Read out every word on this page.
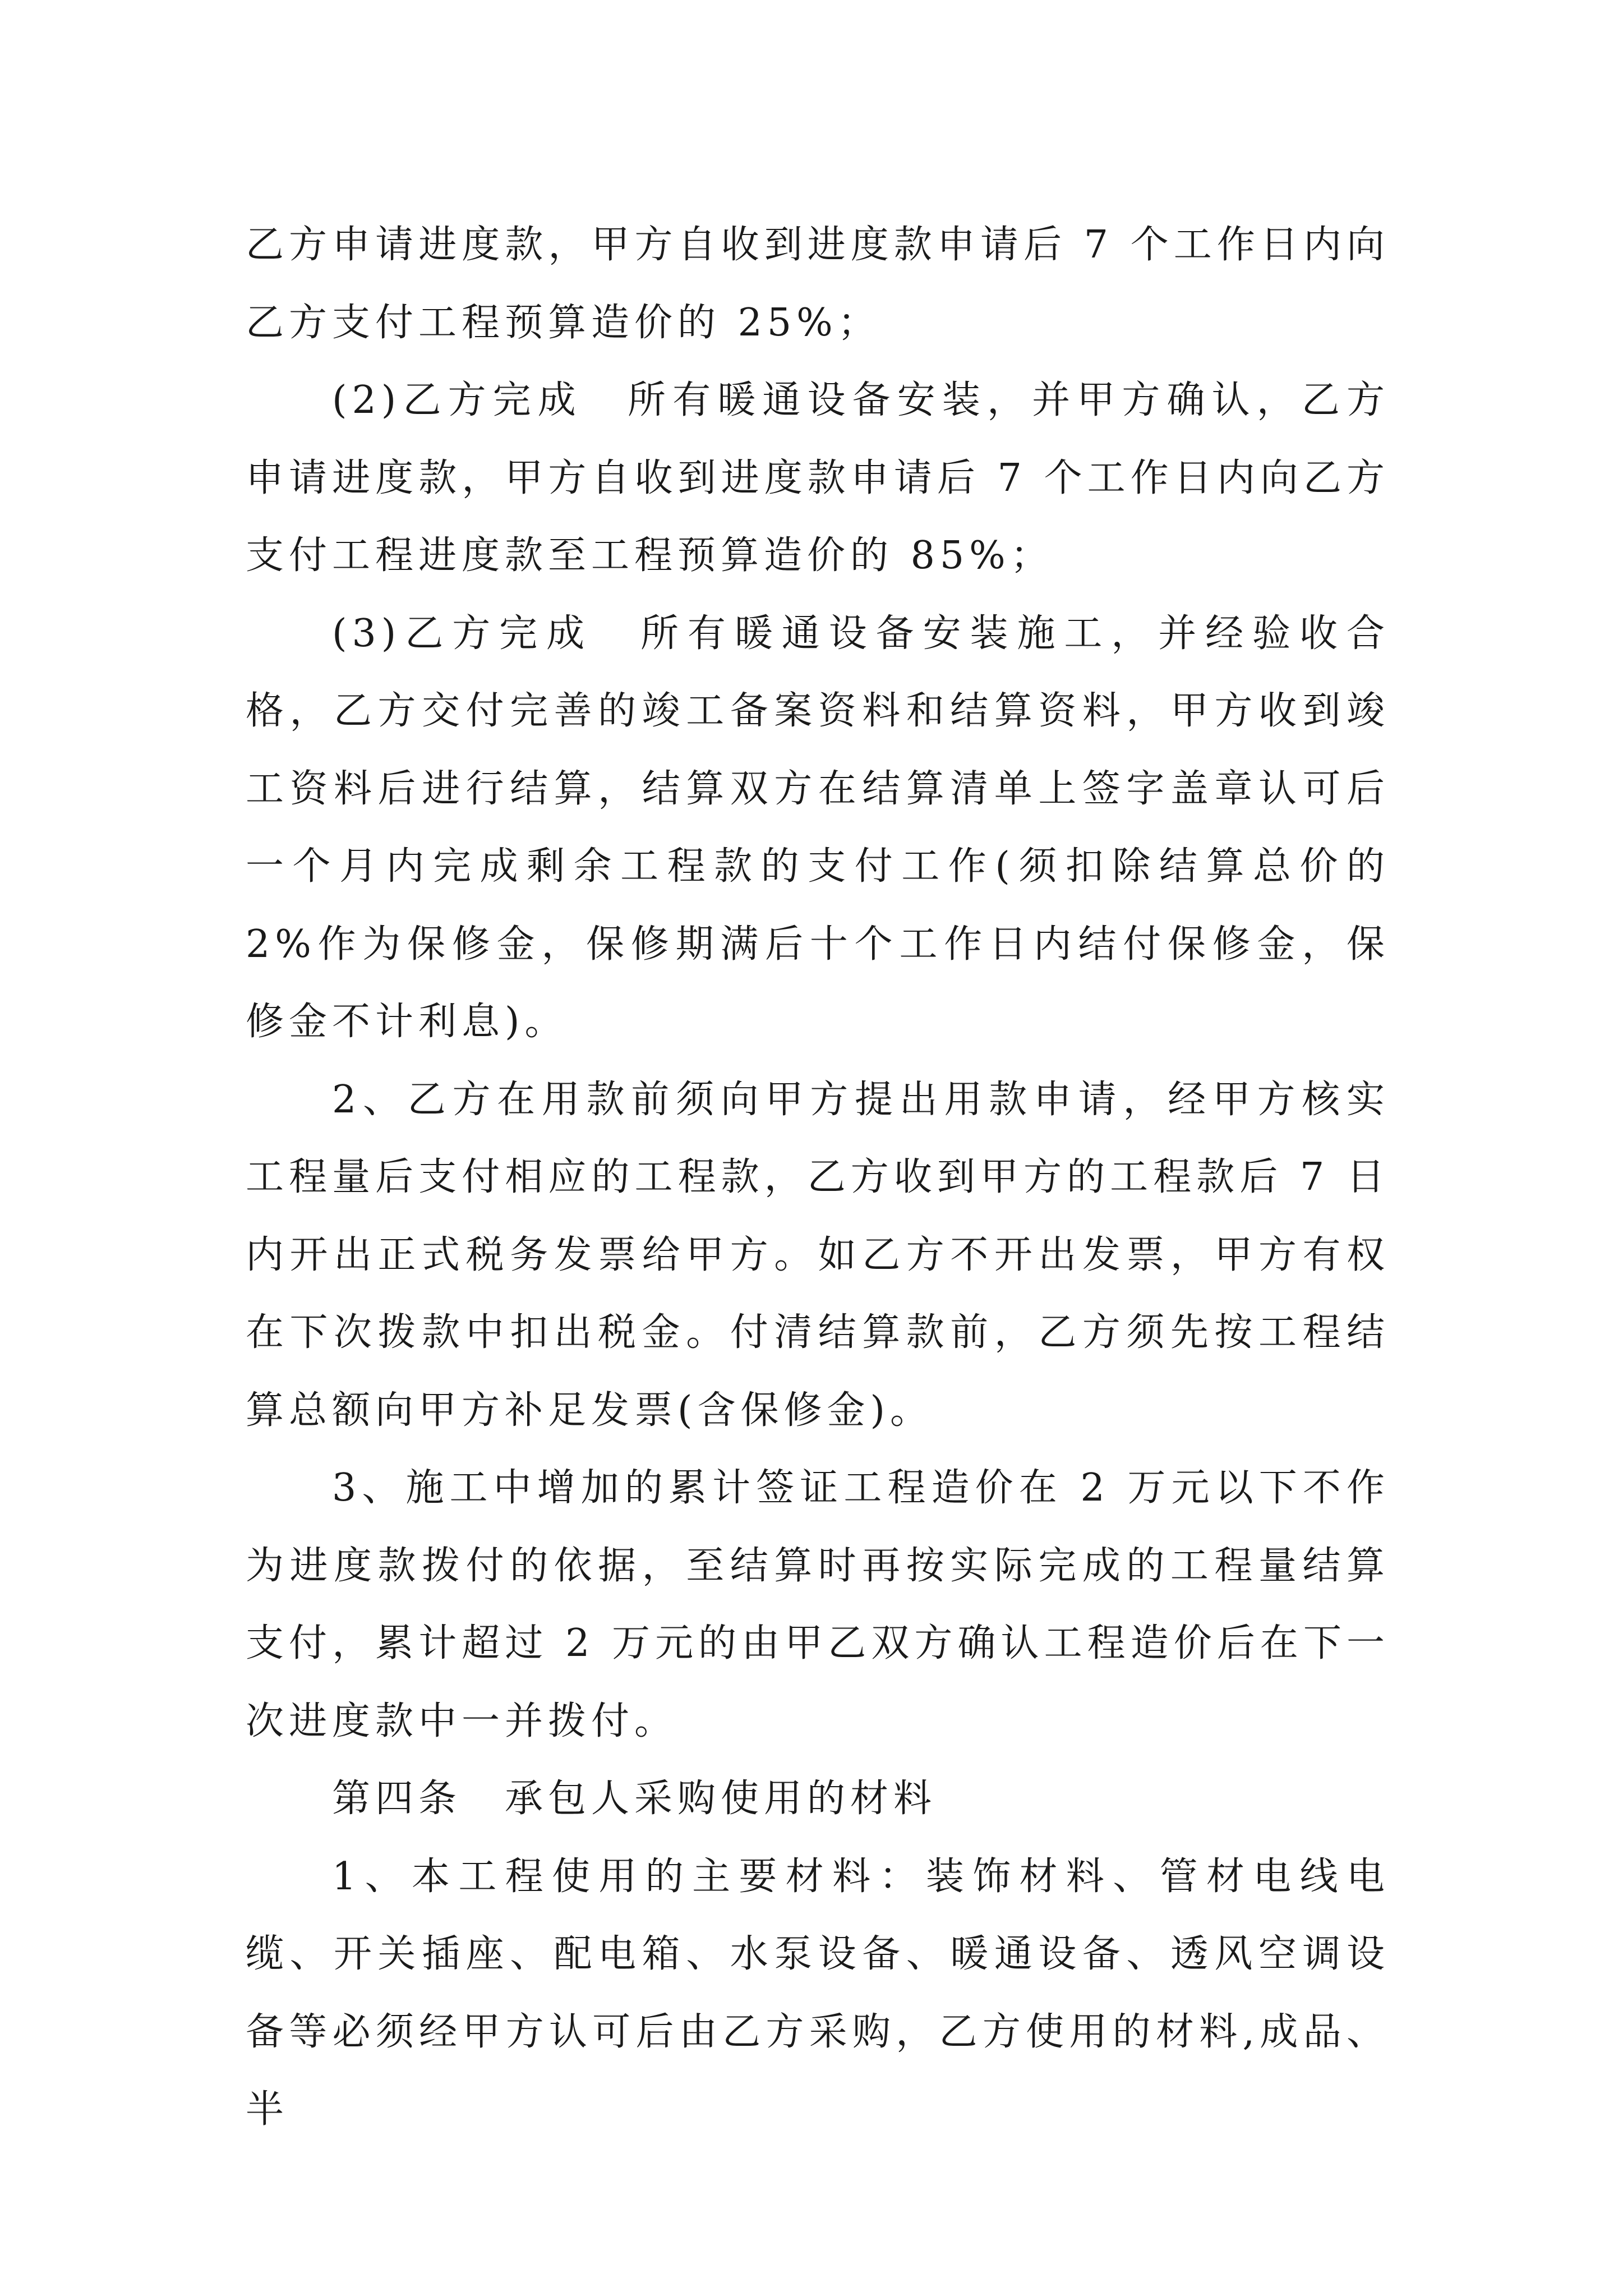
乙方申请进度款，甲方自收到进度款申请后 7 个工作日内向乙方支付工程预算造价的 25%；

(2)乙方完成　所有暖通设备安装，并甲方确认，乙方申请进度款，甲方自收到进度款申请后 7 个工作日内向乙方支付工程进度款至工程预算造价的 85%；

(3)乙方完成　所有暖通设备安装施工，并经验收合格，乙方交付完善的竣工备案资料和结算资料，甲方收到竣工资料后进行结算，结算双方在结算清单上签字盖章认可后一个月内完成剩余工程款的支付工作(须扣除结算总价的 2%作为保修金，保修期满后十个工作日内结付保修金，保修金不计利息)。

2、乙方在用款前须向甲方提出用款申请，经甲方核实工程量后支付相应的工程款，乙方收到甲方的工程款后 7 日内开出正式税务发票给甲方。如乙方不开出发票，甲方有权在下次拨款中扣出税金。付清结算款前，乙方须先按工程结算总额向甲方补足发票(含保修金)。

3、施工中增加的累计签证工程造价在 2 万元以下不作为进度款拨付的依据，至结算时再按实际完成的工程量结算支付，累计超过 2 万元的由甲乙双方确认工程造价后在下一次进度款中一并拨付。

第四条　承包人采购使用的材料

1、本工程使用的主要材料：装饰材料、管材电线电缆、开关插座、配电箱、水泵设备、暖通设备、透风空调设备等必须经甲方认可后由乙方采购，乙方使用的材料,成品、半
